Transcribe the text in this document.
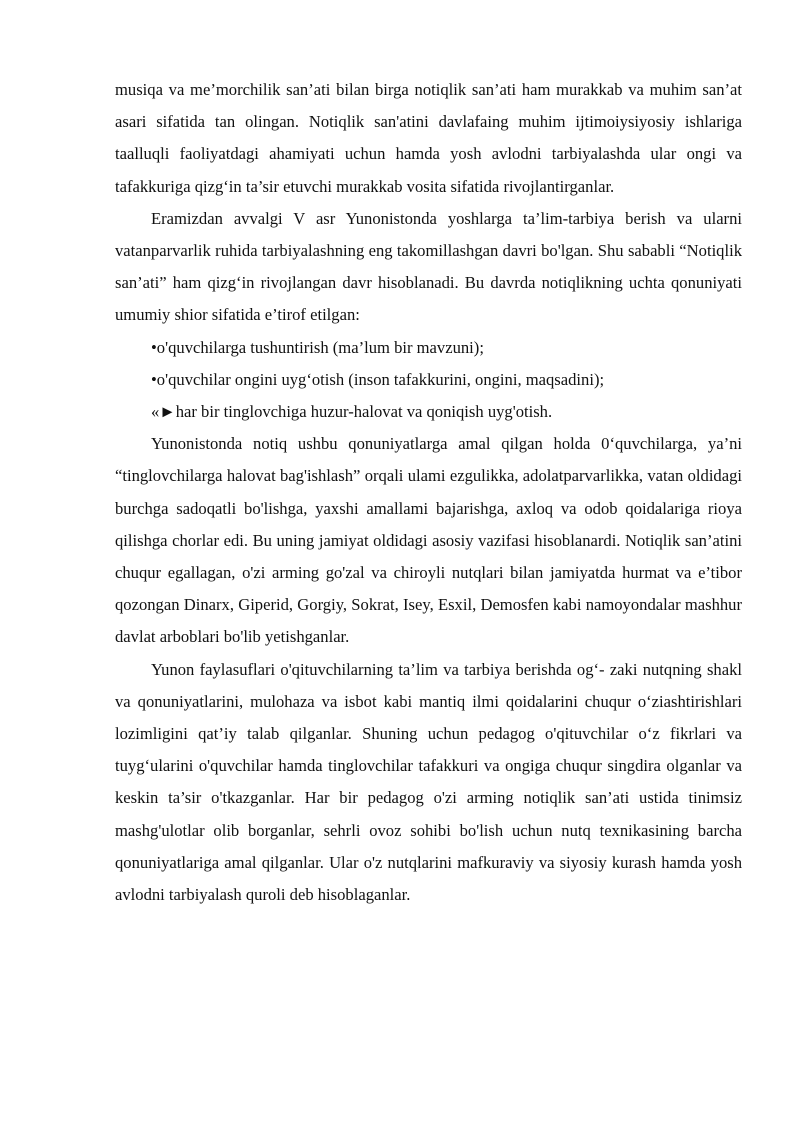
musiqa va me’morchilik san’ati bilan birga notiqlik san’ati ham murakkab va muhim san’at asari sifatida tan olingan. Notiqlik san'atini davlafaing muhim ijtimoiysiyosiy ishlariga taalluqli faoliyatdagi ahamiyati uchun hamda yosh avlodni tarbiyalashda ular ongi va tafakkuriga qizg‘in ta’sir etuvchi murakkab vosita sifatida rivojlantirganlar.

Eramizdan avvalgi V asr Yunonistonda yoshlarga ta’lim-tarbiya berish va ularni vatanparvarlik ruhida tarbiyalashning eng takomillashgan davri bo'lgan. Shu sababli “Notiqlik san’ati” ham qizg‘in rivojlangan davr hisoblanadi. Bu davrda notiqlikning uchta qonuniyati umumiy shior sifatida e’tirof etilgan:

•o'quvchilarga tushuntirish (ma’lum bir mavzuni);

•o'quvchilar ongini uyg‘otish (inson tafakkurini, ongini, maqsadini);

«►har bir tinglovchiga huzur-halovat va qoniqish uyg'otish.

Yunonistonda notiq ushbu qonuniyatlarga amal qilgan holda 0‘quvchilarga, ya’ni “tinglovchilarga halovat bag'ishlash” orqali ulami ezgulikka, adolatparvarlikka, vatan oldidagi burchga sadoqatli bo'lishga, yaxshi amallami bajarishga, axloq va odob qoidalariga rioya qilishga chorlar edi. Bu uning jamiyat oldidagi asosiy vazifasi hisoblanardi. Notiqlik san’atini chuqur egallagan, o'zi arming go'zal va chiroyli nutqlari bilan jamiyatda hurmat va e’tibor qozongan Dinarx, Giperid, Gorgiy, Sokrat, Isey, Esxil, Demosfen kabi namoyondalar mashhur davlat arboblari bo'lib yetishganlar.

Yunon faylasuflari o'qituvchilarning ta’lim va tarbiya berishda og‘- zaki nutqning shakl va qonuniyatlarini, mulohaza va isbot kabi mantiq ilmi qoidalarini chuqur o‘ziashtirishlari lozimligini qat’iy talab qilganlar. Shuning uchun pedagog o'qituvchilar o‘z fikrlari va tuyg‘ularini o'quvchilar hamda tinglovchilar tafakkuri va ongiga chuqur singdira olganlar va keskin ta’sir o'tkazganlar. Har bir pedagog o'zi arming notiqlik san’ati ustida tinimsiz mashg'ulotlar olib borganlar, sehrli ovoz sohibi bo'lish uchun nutq texnikasining barcha qonuniyatlariga amal qilganlar. Ular o'z nutqlarini mafkuraviy va siyosiy kurash hamda yosh avlodni tarbiyalash quroli deb hisoblaganlar.
